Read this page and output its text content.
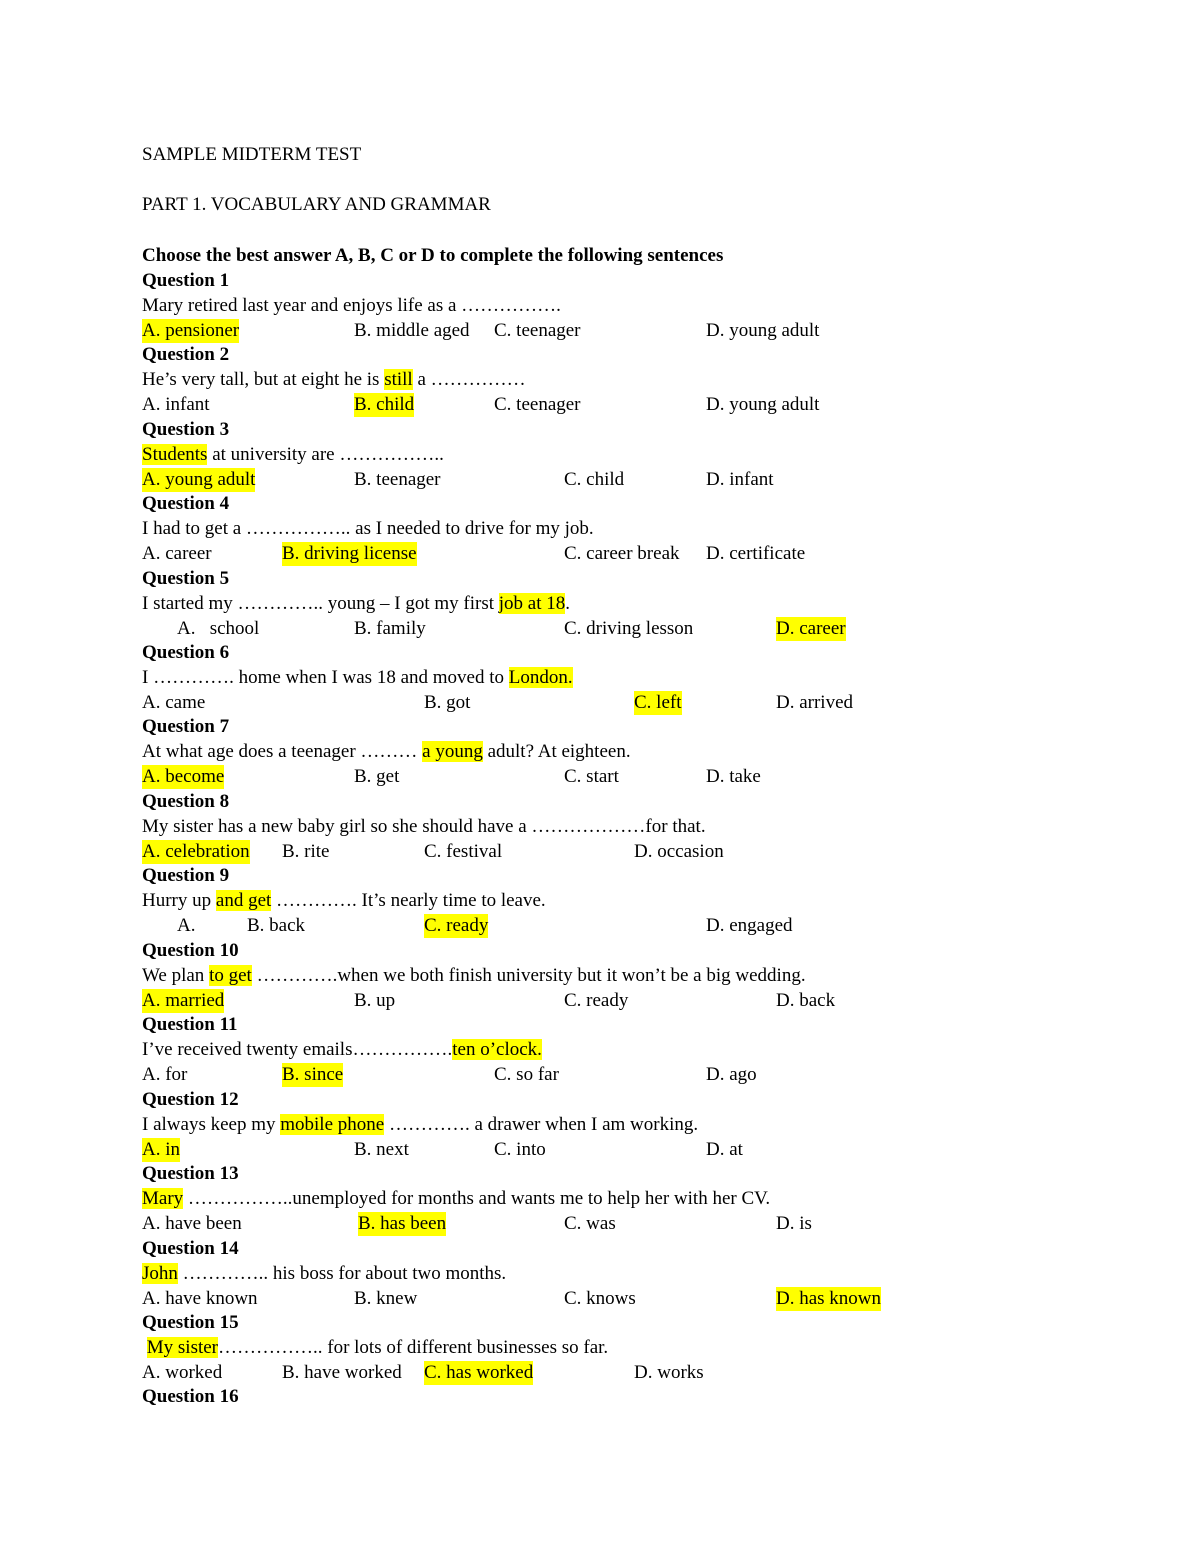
SAMPLE MIDTERM TEST
PART 1. VOCABULARY AND GRAMMAR
Choose the best answer A, B, C or D to complete the following sentences
Question 1
Mary retired last year and enjoys life as a …………….
A. pensioner	B. middle aged C. teenager	D. young adult
Question 2
He’s very tall, but at eight he is still a ……………
A. infant	B. child	C. teenager	D. young adult
Question 3
Students at university are ……………..
A. young adult	B. teenager	C. child	D. infant
Question 4
I had to get a …………….. as I needed to drive for my job.
A. career	B. driving license	C. career break D. certificate
Question 5
I started my ………….. young – I got my first job at 18.
A.   school	B. family	C. driving lesson	D. career
Question 6
I …………. home when I was 18 and moved to London.
A. came	B. got	C. left	D. arrived
Question 7
At what age does a teenager ……… a young adult? At eighteen.
A. become	B. get	C. start	D. take
Question 8
My sister has a new baby girl so she should have a ………………for that.
A. celebration B. rite	C. festival	D. occasion
Question 9
Hurry up and get …………. It’s nearly time to leave.
A.	B. back	C. ready	D. engaged
Question 10
We plan to get ………….when we both finish university but it won’t be a big wedding.
A. married	B. up	C. ready	D. back
Question 11
I’ve received twenty emails…………….ten o’clock.
A. for	B. since	C. so far	D. ago
Question 12
I always keep my mobile phone …………. a drawer when I am working.
A. in	B. next	C. into	D. at
Question 13
Mary ……………..unemployed for months and wants me to help her with her CV.
A. have been	B. has been	C. was	D. is
Question 14
John ………….. his boss for about two months.
A. have known	B. knew	C. knows	D. has known
Question 15
My sister…………….. for lots of different businesses so far.
A. worked	B. have worked C. has worked	D. works
Question 16
